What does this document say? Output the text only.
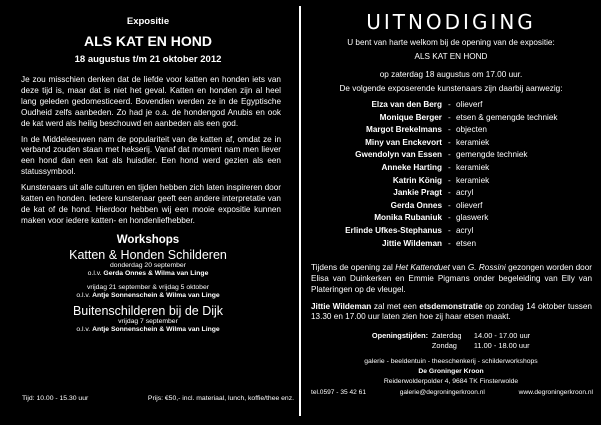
Expositie
ALS KAT EN HOND
18 augustus t/m 21 oktober 2012
Je zou misschien denken dat de liefde voor katten en honden iets van deze tijd is, maar dat is niet het geval. Katten en honden zijn al heel lang geleden gedomesticeerd. Bovendien werden ze in de Egyptische Oudheid zelfs aanbeden. Zo had je o.a. de hondengod Anubis en ook de kat werd als heilig beschouwd en aanbeden als een god.
In de Middeleeuwen nam de populariteit van de katten af, omdat ze in verband zouden staan met hekserij. Vanaf dat moment nam men liever een hond dan een kat als huisdier. Een hond werd gezien als een statussymbool.
Kunstenaars uit alle culturen en tijden hebben zich laten inspireren door katten en honden. Iedere kunstenaar geeft een andere interpretatie van de kat of de hond. Hierdoor hebben wij een mooie expositie kunnen maken voor iedere katten- en hondenliefhebber.
Workshops
Katten & Honden Schilderen
donderdag 20 september
o.l.v. Gerda Onnes & Wilma van Linge
vrijdag 21 september & vrijdag 5 oktober
o.l.v. Antje Sonnenschein & Wilma van Linge
Buitenschilderen bij de Dijk
vrijdag 7 september
o.l.v. Antje Sonnenschein & Wilma van Linge
Tijd: 10.00 - 15.30 uur	Prijs: €50,- incl. materiaal, lunch, koffie/thee enz.
UITNODIGING
U bent van harte welkom bij de opening van de expositie:
ALS KAT EN HOND
op zaterdag 18 augustus om 17.00 uur.
De volgende exposerende kunstenaars zijn daarbij aanwezig:
Elza van den Berg - olieverf
Monique Berger - etsen & gemengde techniek
Margot Brekelmans - objecten
Miny van Enckevort - keramiek
Gwendolyn van Essen - gemengde techniek
Anneke Harting - keramiek
Katrin König - keramiek
Jankie Pragt - acryl
Gerda Onnes - olieverf
Monika Rubaniuk - glaswerk
Erlinde Ufkes-Stephanus - acryl
Jittie Wildeman - etsen
Tijdens de opening zal Het Kattenduet van G. Rossini gezongen worden door Elisa van Duinkerken en Emmie Pigmans onder begeleiding van Elly van Plateringen op de vleugel.
Jittie Wildeman zal met een etsdemonstratie op zondag 14 oktober tussen 13.30 en 17.00 uur laten zien hoe zij haar etsen maakt.
Openingstijden: Zaterdag	14.00 - 17.00 uur
Zondag	11.00 - 18.00 uur
galerie - beeldentuin - theeschenkerij - schilderworkshops
De Groninger Kroon
Reiderwolderpolder 4, 9684 TK Finsterwolde
tel.0597 - 35 42 61	galerie@degroningerkroon.nl	www.degroningerkroon.nl
